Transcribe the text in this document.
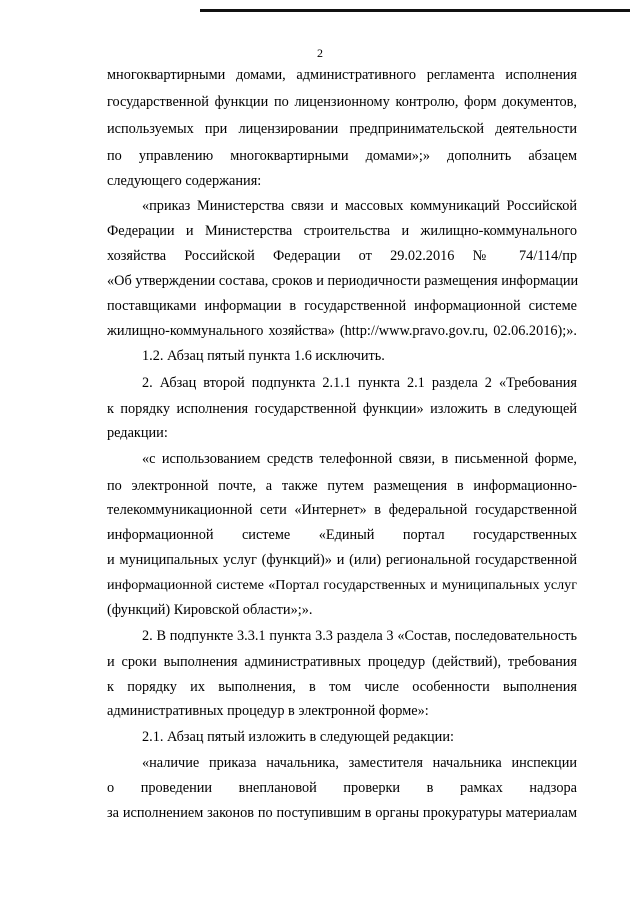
2
многоквартирными домами, административного регламента исполнения
государственной функции по лицензионному контролю, форм документов,
используемых при лицензировании предпринимательской деятельности
по управлению многоквартирными домами»;» дополнить абзацем
следующего содержания:
«приказ Министерства связи и массовых коммуникаций Российской
Федерации и Министерства строительства и жилищно-коммунального
хозяйства Российской Федерации от 29.02.2016 № 74/114/пр
«Об утверждении состава, сроков и периодичности размещения информации
поставщиками информации в государственной информационной системе
жилищно-коммунального хозяйства» (http://www.pravo.gov.ru, 02.06.2016);».
1.2. Абзац пятый пункта 1.6 исключить.
2. Абзац второй подпункта 2.1.1 пункта 2.1 раздела 2 «Требования
к порядку исполнения государственной функции» изложить в следующей
редакции:
«с использованием средств телефонной связи, в письменной форме,
по электронной почте, а также путем размещения в информационно-
телекоммуникационной сети «Интернет» в федеральной государственной
информационной системе «Единый портал государственных
и муниципальных услуг (функций)» и (или) региональной государственной
информационной системе «Портал государственных и муниципальных услуг
(функций) Кировской области»;».
2. В подпункте 3.3.1 пункта 3.3 раздела 3 «Состав, последовательность
и сроки выполнения административных процедур (действий), требования
к порядку их выполнения, в том числе особенности выполнения
административных процедур в электронной форме»:
2.1. Абзац пятый изложить в следующей редакции:
«наличие приказа начальника, заместителя начальника инспекции
о проведении внеплановой проверки в рамках надзора
за исполнением законов по поступившим в органы прокуратуры материалам
